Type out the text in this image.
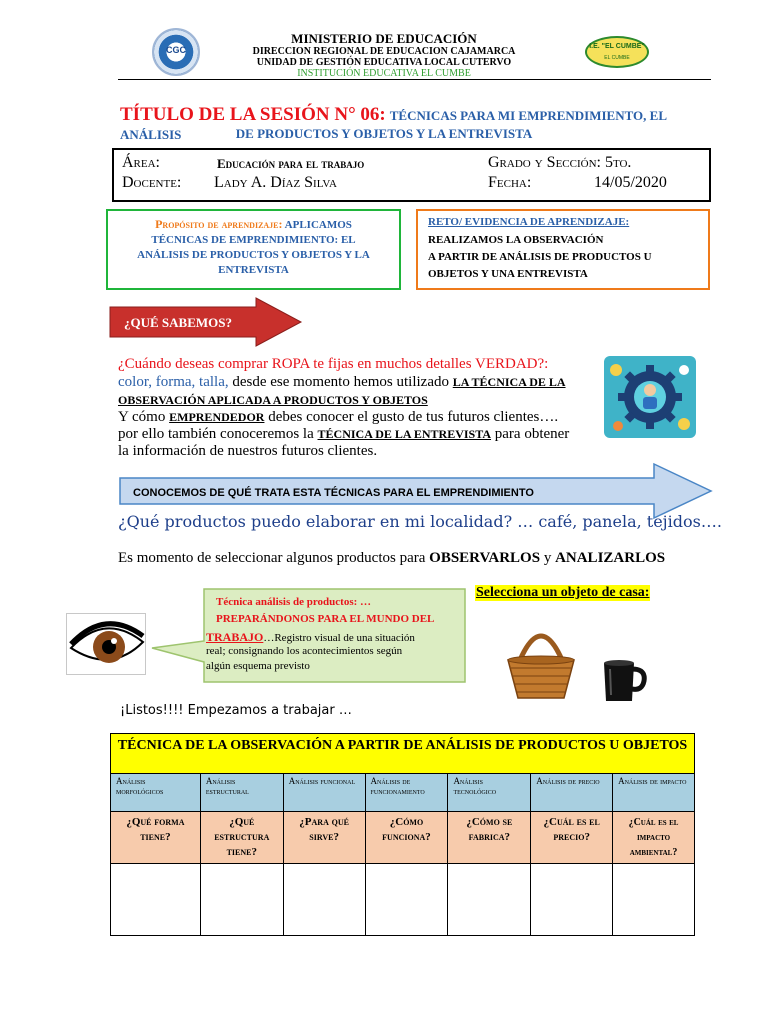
CGC	I.E. "EL CUMBE"
EL CUMBE
MINISTERIO DE EDUCACIÓN
DIRECCION REGIONAL DE EDUCACION CAJAMARCA
UNIDAD DE GESTIÓN EDUCATIVA LOCAL CUTERVO
INSTITUCIÓN EDUCATIVA EL CUMBE
TÍTULO DE LA SESIÓN N° 06: TÉCNICAS PARA MI EMPRENDIMIENTO, EL ANÁLISIS	DE PRODUCTOS Y OBJETOS Y LA ENTREVISTA
Área:	Educación para el trabajo	Grado y Sección: 5to.
Docente: Lady A. Díaz Silva	Fecha:	14/05/2020
Propósito de aprendizaje: APLICAMOS
TÉCNICAS DE EMPRENDIMIENTO: EL
ANÁLISIS DE PRODUCTOS Y OBJETOS Y LA
ENTREVISTA
RETO/ EVIDENCIA DE APRENDIZAJE:
REALIZAMOS LA OBSERVACIÓN
A PARTIR DE ANÁLISIS DE PRODUCTOS U
OBJETOS Y UNA ENTREVISTA
¿QUÉ SABEMOS?
¿Cuándo deseas comprar ROPA te fijas en muchos detalles VERDAD?:
color, forma, talla, desde ese momento hemos utilizado LA TÉCNICA DE LA
OBSERVACIÓN APLICADA A PRODUCTOS Y OBJETOS
Y cómo EMPRENDEDOR debes conocer el gusto de tus futuros clientes….
por ello también conoceremos la TÉCNICA DE LA ENTREVISTA para obtener
la información de nuestros futuros clientes.
CONOCEMOS DE QUÉ TRATA ESTA TÉCNICAS PARA EL EMPRENDIMIENTO
¿Qué productos puedo elaborar en mi localidad? … café, panela, tejidos….
Es momento de seleccionar algunos productos para OBSERVARLOS y ANALIZARLOS
Técnica análisis de productos: …
PREPARÁNDONOS PARA EL MUNDO DEL
TRABAJO…Registro visual de una situación
real; consignando los acontecimientos según
algún esquema previsto
Selecciona un objeto de casa:
¡Listos!!!! Empezamos a trabajar …
TÉCNICA DE LA OBSERVACIÓN A PARTIR DE ANÁLISIS DE PRODUCTOS U OBJETOS						
Análisis morfológicos	Análisis estructural	Análisis funcional	Análisis de funcionamiento	Análisis tecnológico	Análisis de precio	Análisis de impacto
¿Qué forma tiene?	¿Qué estructura tiene?	¿Para qué sirve?	¿Cómo funciona?	¿Cómo se fabrica?	¿Cuál es el precio?	¿Cuál es el impacto ambiental?
